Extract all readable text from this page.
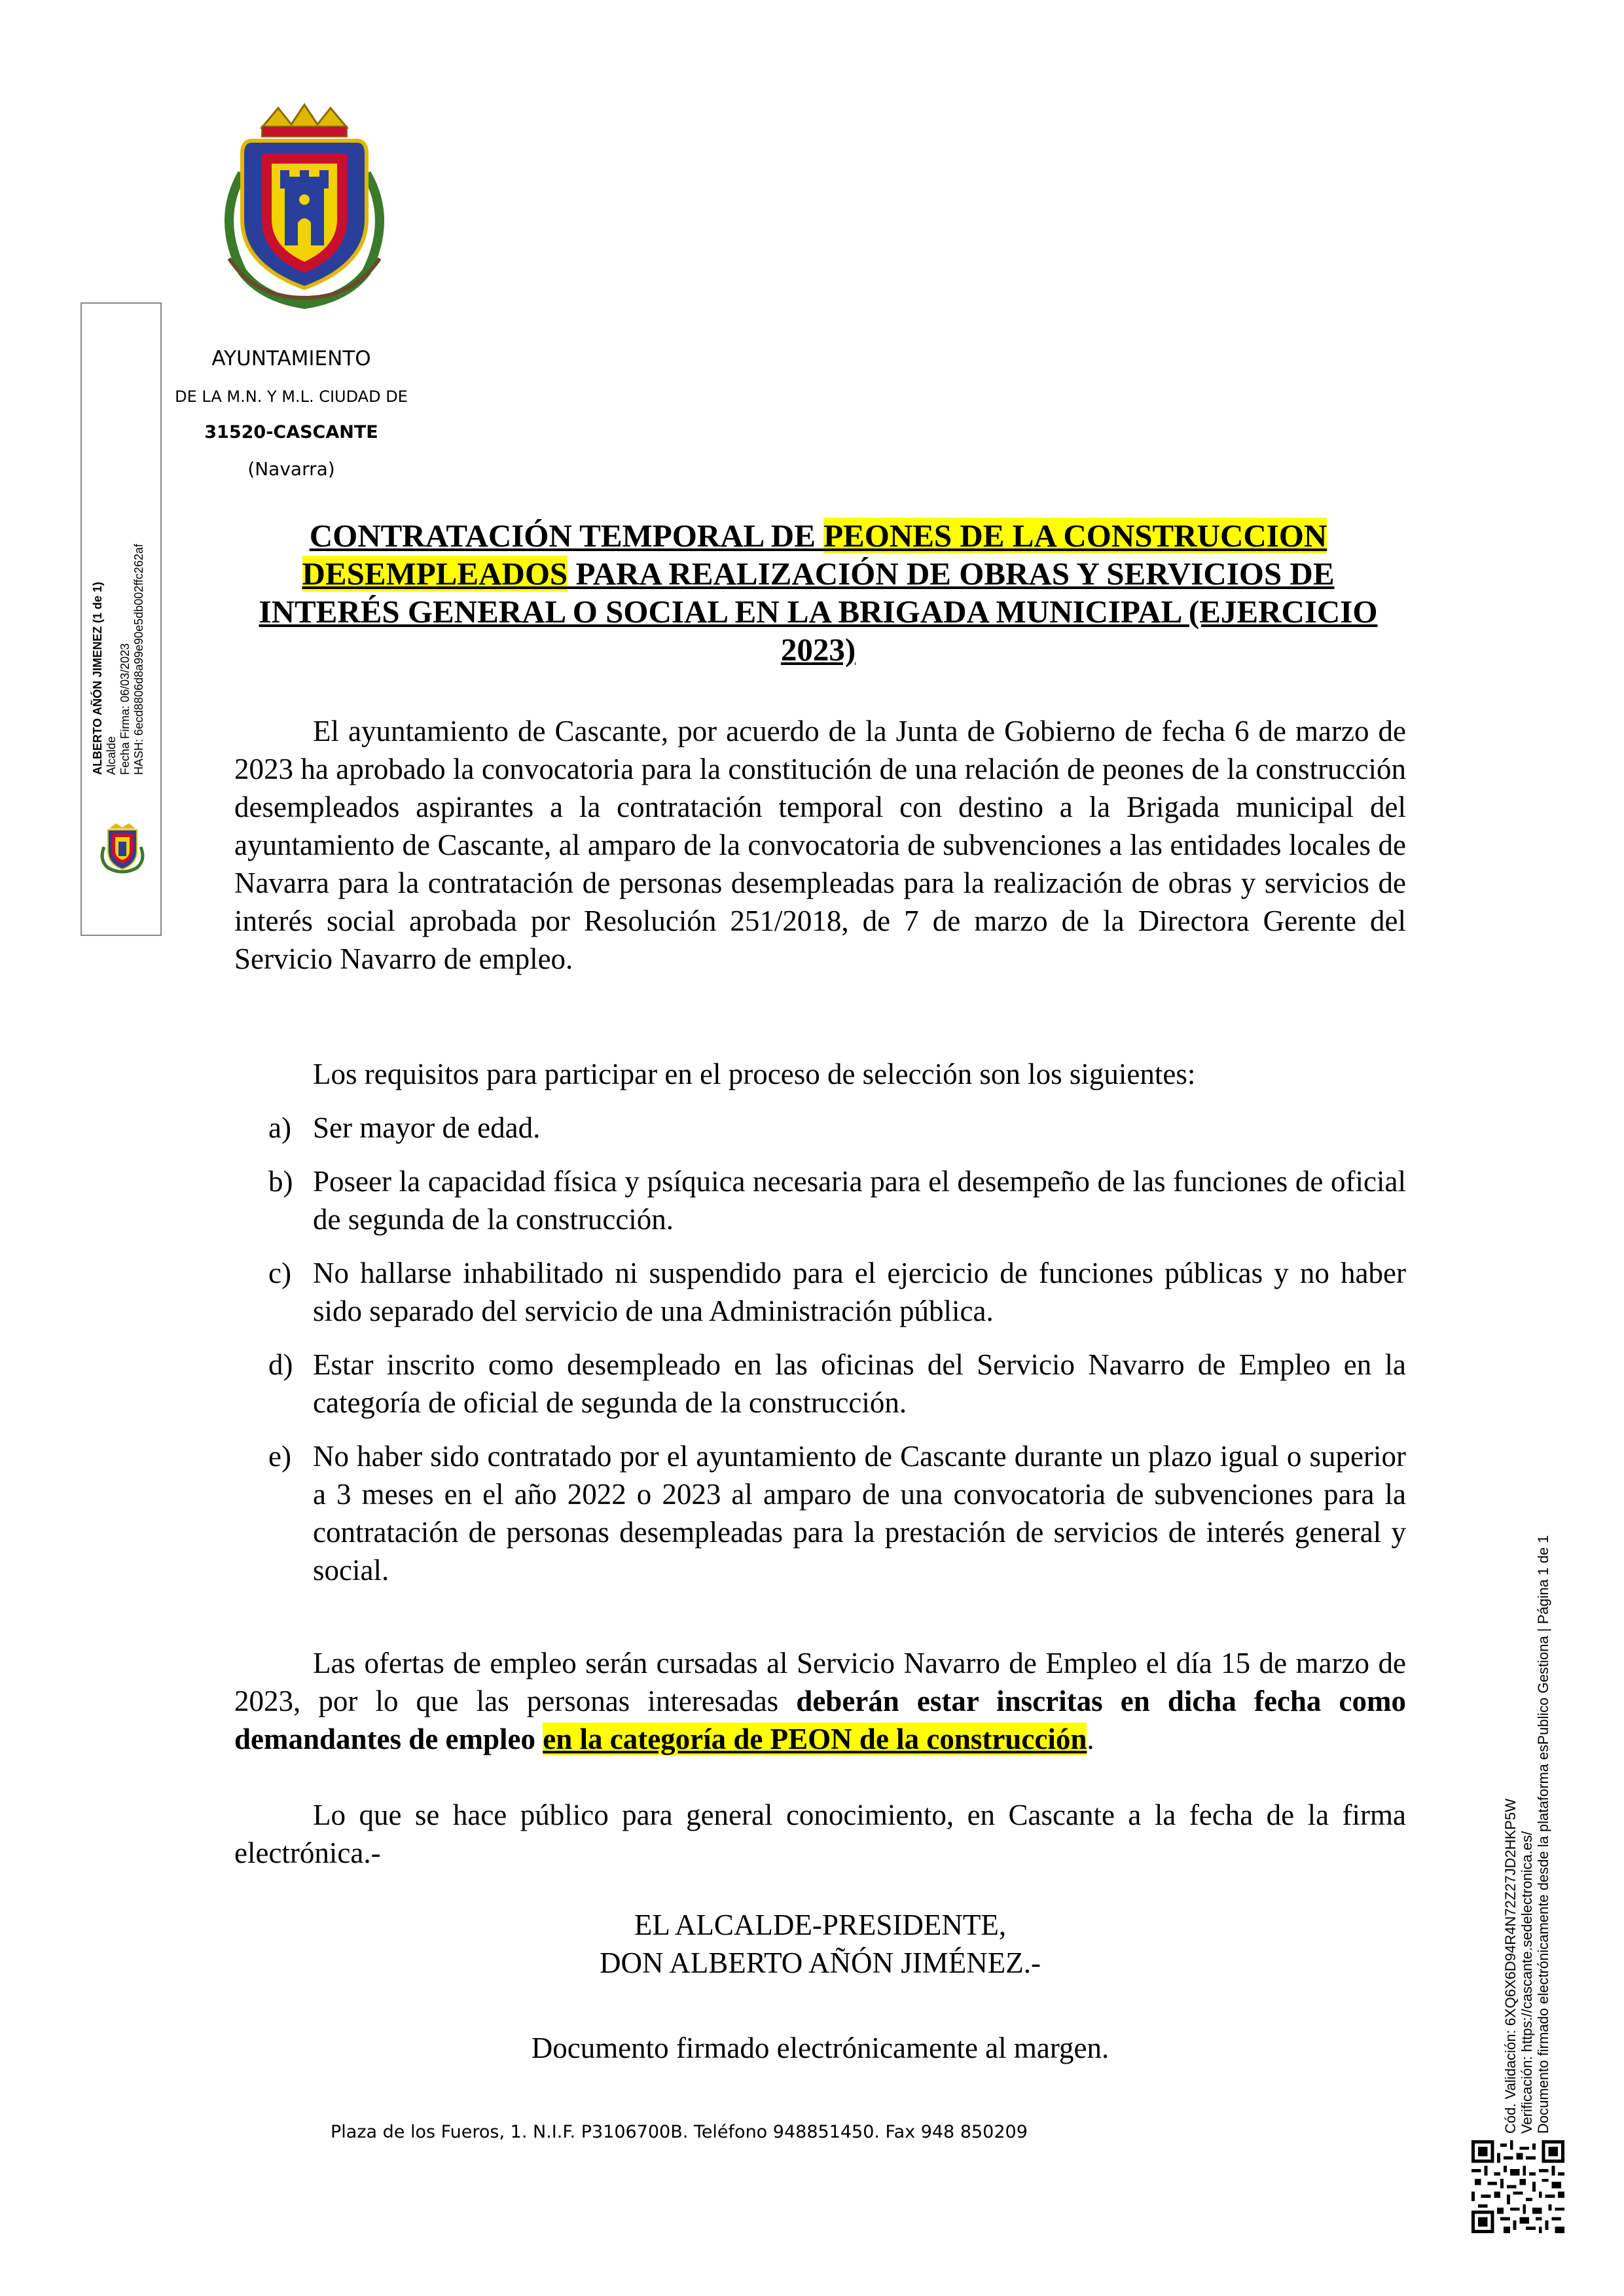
AYUNTAMIENTO
DE LA M.N. Y M.L. CIUDAD DE
31520-CASCANTE
(Navarra)
ALBERTO AÑÓN JIMENEZ (1 de 1) Alcalde Fecha Firma: 06/03/2023 HASH: 6ecd8806d8a99e90e5db002ffc262af
CONTRATACIÓN TEMPORAL DE PEONES DE LA CONSTRUCCION DESEMPLEADOS PARA REALIZACIÓN DE OBRAS Y SERVICIOS DE INTERÉS GENERAL O SOCIAL EN LA BRIGADA MUNICIPAL (EJERCICIO 2023)
El ayuntamiento de Cascante, por acuerdo de la Junta de Gobierno de fecha 6 de marzo de 2023 ha aprobado la convocatoria para la constitución de una relación de peones de la construcción desempleados aspirantes a la contratación temporal con destino a la Brigada municipal del ayuntamiento de Cascante, al amparo de la convocatoria de subvenciones a las entidades locales de Navarra para la contratación de personas desempleadas para la realización de obras y servicios de interés social aprobada por Resolución 251/2018, de 7 de marzo de la Directora Gerente del Servicio Navarro de empleo.
Los requisitos para participar en el proceso de selección son los siguientes:
a) Ser mayor de edad.
b) Poseer la capacidad física y psíquica necesaria para el desempeño de las funciones de oficial de segunda de la construcción.
c) No hallarse inhabilitado ni suspendido para el ejercicio de funciones públicas y no haber sido separado del servicio de una Administración pública.
d) Estar inscrito como desempleado en las oficinas del Servicio Navarro de Empleo en la categoría de oficial de segunda de la construcción.
e) No haber sido contratado por el ayuntamiento de Cascante durante un plazo igual o superior a 3 meses en el año 2022 o 2023 al amparo de una convocatoria de subvenciones para la contratación de personas desempleadas para la prestación de servicios de interés general y social.
Las ofertas de empleo serán cursadas al Servicio Navarro de Empleo el día 15 de marzo de 2023, por lo que las personas interesadas deberán estar inscritas en dicha fecha como demandantes de empleo en la categoría de PEON de la construcción.
Lo que se hace público para general conocimiento, en Cascante a la fecha de la firma electrónica.-
EL ALCALDE-PRESIDENTE,
DON ALBERTO AÑÓN JIMÉNEZ.-
Documento firmado electrónicamente al margen.
Plaza de los Fueros, 1. N.I.F. P3106700B. Teléfono 948851450. Fax 948 850209	Cód. Validación: 6XQ6X6D94R4N72Z27JD2HKP5W Verificación: https://cascante.sedelectronica.es/ Documento firmado electrónicamente desde la plataforma esPublico Gestiona | Página 1 de 1
